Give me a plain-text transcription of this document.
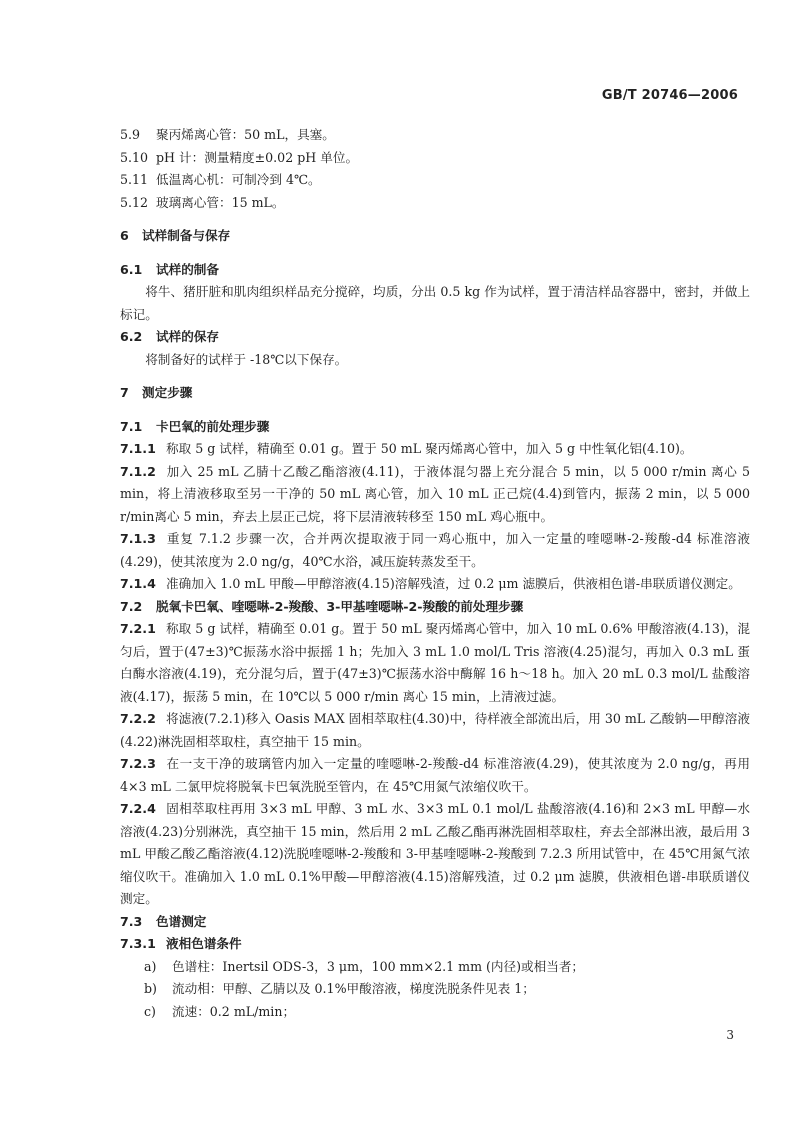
GB/T 20746—2006
5.9	聚丙烯离心管：50 mL，具塞。
5.10 pH 计：测量精度±0.02 pH 单位。
5.11 低温离心机：可制冷到 4℃。
5.12 玻璃离心管：15 mL。
6	试样制备与保存
6.1	试样的制备
将牛、猪肝脏和肌肉组织样品充分搅碎，均质，分出 0.5 kg 作为试样，置于清洁样品容器中，密封，并做上标记。
6.2	试样的保存
将制备好的试样于 -18℃以下保存。
7	测定步骤
7.1	卡巴氧的前处理步骤
7.1.1 称取 5 g 试样，精确至 0.01 g。置于 50 mL 聚丙烯离心管中，加入 5 g 中性氧化铝(4.10)。
7.1.2 加入 25 mL 乙腈十乙酸乙酯溶液(4.11)，于液体混匀器上充分混合 5 min，以 5 000 r/min 离心 5 min，将上清液移取至另一干净的 50 mL 离心管，加入 10 mL 正己烷(4.4)到管内，振荡 2 min，以 5 000 r/min离心 5 min，弃去上层正己烷，将下层清液转移至 150 mL 鸡心瓶中。
7.1.3 重复 7.1.2 步骤一次，合并两次提取液于同一鸡心瓶中，加入一定量的喹噁啉-2-羧酸-d4 标准溶液(4.29)，使其浓度为 2.0 ng/g，40℃水浴，减压旋转蒸发至干。
7.1.4 准确加入 1.0 mL 甲酸—甲醇溶液(4.15)溶解残渣，过 0.2 μm 滤膜后，供液相色谱-串联质谱仪测定。
7.2	脱氧卡巴氧、喹噁啉-2-羧酸、3-甲基喹噁啉-2-羧酸的前处理步骤
7.2.1 称取 5 g 试样，精确至 0.01 g。置于 50 mL 聚丙烯离心管中，加入 10 mL 0.6% 甲酸溶液(4.13)，混匀后，置于(47±3)℃振荡水浴中振摇 1 h；先加入 3 mL 1.0 mol/L Tris 溶液(4.25)混匀，再加入 0.3 mL 蛋白酶水溶液(4.19)，充分混匀后，置于(47±3)℃振荡水浴中酶解 16 h～18 h。加入 20 mL 0.3 mol/L 盐酸溶液(4.17)，振荡 5 min，在 10℃以 5 000 r/min 离心 15 min，上清液过滤。
7.2.2 将滤液(7.2.1)移入 Oasis MAX 固相萃取柱(4.30)中，待样液全部流出后，用 30 mL 乙酸钠—甲醇溶液(4.22)淋洗固相萃取柱，真空抽干 15 min。
7.2.3 在一支干净的玻璃管内加入一定量的喹噁啉-2-羧酸-d4 标准溶液(4.29)，使其浓度为 2.0 ng/g，再用 4×3 mL 二氯甲烷将脱氧卡巴氧洗脱至管内，在 45℃用氮气浓缩仪吹干。
7.2.4 固相萃取柱再用 3×3 mL 甲醇、3 mL 水、3×3 mL 0.1 mol/L 盐酸溶液(4.16)和 2×3 mL 甲醇—水溶液(4.23)分别淋洗，真空抽干 15 min，然后用 2 mL 乙酸乙酯再淋洗固相萃取柱，弃去全部淋出液，最后用 3 mL 甲酸乙酸乙酯溶液(4.12)洗脱喹噁啉-2-羧酸和 3-甲基喹噁啉-2-羧酸到 7.2.3 所用试管中，在 45℃用氮气浓缩仪吹干。准确加入 1.0 mL 0.1%甲酸—甲醇溶液(4.15)溶解残渣，过 0.2 μm 滤膜，供液相色谱-串联质谱仪测定。
7.3	色谱测定
7.3.1 液相色谱条件
a) 色谱柱：Inertsil ODS-3，3 μm，100 mm×2.1 mm (内径)或相当者；
b) 流动相：甲醇、乙腈以及 0.1%甲酸溶液，梯度洗脱条件见表 1；
c) 流速：0.2 mL/min；
3
